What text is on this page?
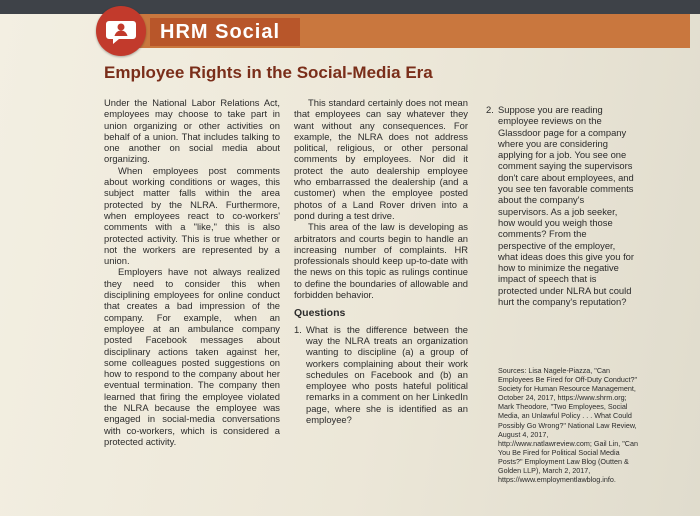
HRM Social
Employee Rights in the Social-Media Era

Under the National Labor Relations Act, employees may choose to take part in union organizing or other activities on behalf of a union. That includes talking to one another on social media about organizing.

When employees post comments about working conditions or wages, this subject matter falls within the area protected by the NLRA. Furthermore, when employees react to co-workers' comments with a "like," this is also protected activity. This is true whether or not the workers are represented by a union.

Employers have not always realized they need to consider this when disciplining employees for online conduct that creates a bad impression of the company. For example, when an employee at an ambulance company posted Facebook messages about disciplinary actions taken against her, some colleagues posted suggestions on how to respond to the company about her eventual termination. The company then learned that firing the employee violated the NLRA because the employee was engaged in social-media conversations with co-workers, which is considered a protected activity.

This standard certainly does not mean that employees can say whatever they want without any consequences. For example, the NLRA does not address political, religious, or other personal comments by employees. Nor did it protect the auto dealership employee who embarrassed the dealership (and a customer) when the employee posted photos of a Land Rover driven into a pond during a test drive.

This area of the law is developing as arbitrators and courts begin to handle an increasing number of complaints. HR professionals should keep up-to-date with the news on this topic as rulings continue to define the boundaries of allowable and forbidden behavior.

Questions
1. What is the difference between the way the NLRA treats an organization wanting to discipline (a) a group of workers complaining about their work schedules on Facebook and (b) an employee who posts hateful political remarks in a comment on her LinkedIn page, where she is identified as an employee?
2. Suppose you are reading employee reviews on the Glassdoor page for a company where you are considering applying for a job. You see one comment saying the supervisors don't care about employees, and you see ten favorable comments about the company's supervisors. As a job seeker, how would you weigh those comments? From the perspective of the employer, what ideas does this give you for how to minimize the negative impact of speech that is protected under NLRA but could hurt the company's reputation?
Sources: Lisa Nagele-Piazza, "Can Employees Be Fired for Off-Duty Conduct?" Society for Human Resource Management, October 24, 2017, https://www.shrm.org; Mark Theodore, "Two Employees, Social Media, an Unlawful Policy . . . What Could Possibly Go Wrong?" National Law Review, August 4, 2017, http://www.natlawreview.com; Gail Lin, "Can You Be Fired for Political Social Media Posts?" Employment Law Blog (Outten & Golden LLP), March 2, 2017, https://www.employmentlawblog.info.
